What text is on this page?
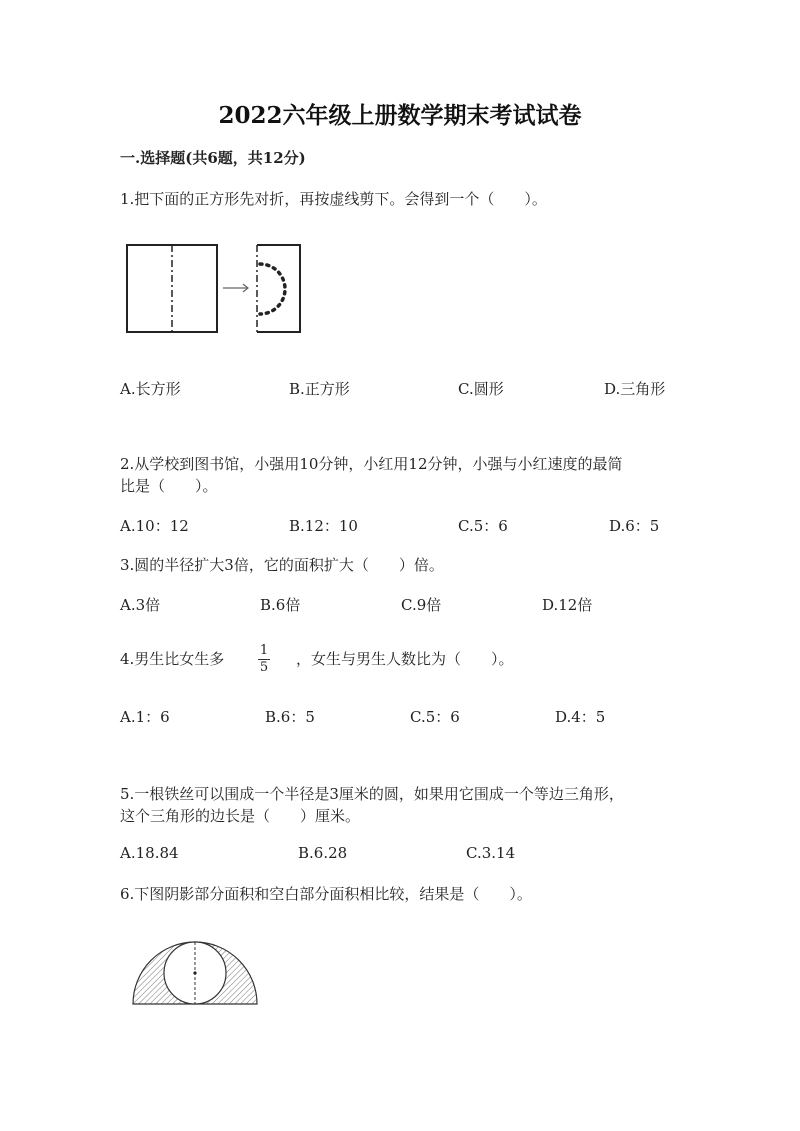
2022六年级上册数学期末考试试卷
一.选择题(共6题，共12分)
1.把下面的正方形先对折，再按虚线剪下。会得到一个（　　）。
A.长方形	B.正方形	C.圆形	D.三角形
2.从学校到图书馆，小强用10分钟，小红用12分钟，小强与小红速度的最简
比是（　　）。
A.10：12	B.12：10	C.5：6	D.6：5
3.圆的半径扩大3倍，它的面积扩大（　　）倍。
A.3倍	B.6倍	C.9倍	D.12倍
4.男生比女生多	$\frac{1}{5}$ ，女生与男生人数比为（　　）。
A.1：6	B.6：5	C.5：6	D.4：5
5.一根铁丝可以围成一个半径是3厘米的圆，如果用它围成一个等边三角形，
这个三角形的边长是（　　）厘米。
A.18.84	B.6.28	C.3.14
6.下图阴影部分面积和空白部分面积相比较，结果是（　　）。
